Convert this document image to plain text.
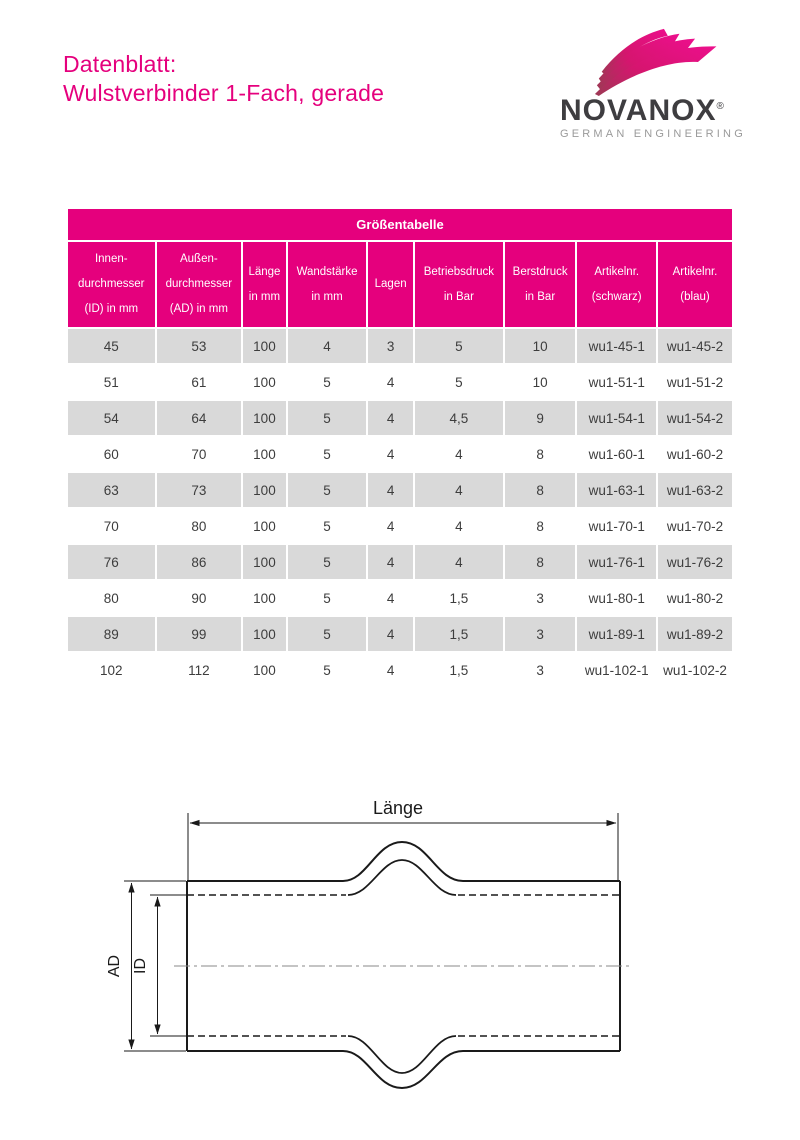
Datenblatt:
Wulstverbinder 1-Fach, gerade
NOVANOX®
GERMAN ENGINEERING
Größentabelle								

Innen-
durchmesser
(ID) in mm

Außen-
durchmesser
(AD) in mm

Länge
in mm

Wandstärke
in mm

Lagen

Betriebsdruck
in Bar

Berstdruck
in Bar

Artikelnr.
(schwarz)

Artikelnr.
(blau)

45	53	100	4	3	5	10	wu1-45-1	wu1-45-2
51	61	100	5	4	5	10	wu1-51-1	wu1-51-2
54	64	100	5	4	4,5	9	wu1-54-1	wu1-54-2
60	70	100	5	4	4	8	wu1-60-1	wu1-60-2
63	73	100	5	4	4	8	wu1-63-1	wu1-63-2
70	80	100	5	4	4	8	wu1-70-1	wu1-70-2
76	86	100	5	4	4	8	wu1-76-1	wu1-76-2
80	90	100	5	4	1,5	3	wu1-80-1	wu1-80-2
89	99	100	5	4	1,5	3	wu1-89-1	wu1-89-2
102	112	100	5	4	1,5	3	wu1-102-1	wu1-102-2
Länge
AD ID
